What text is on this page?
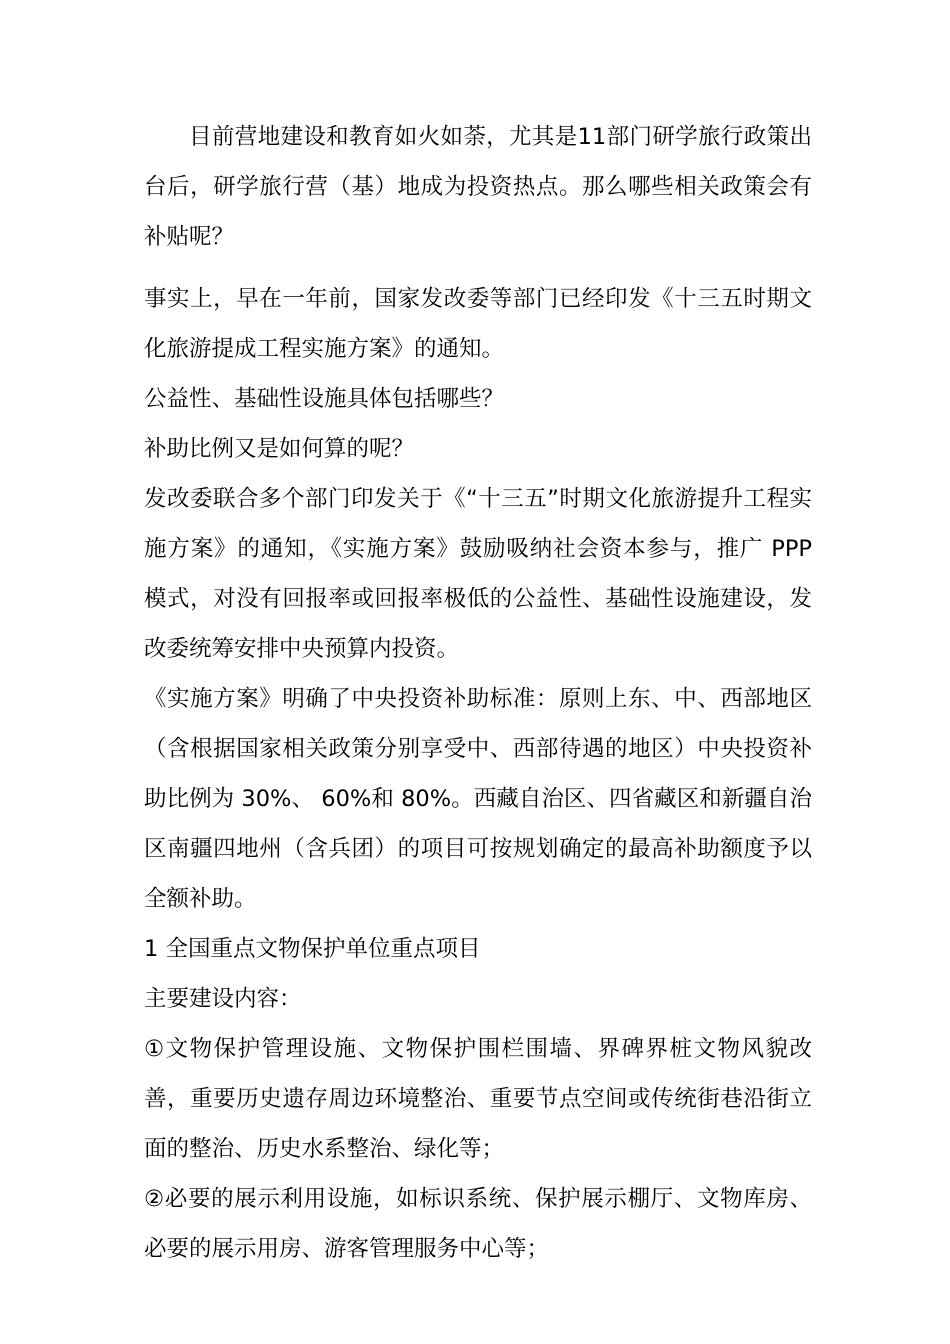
目前营地建设和教育如火如荼，尤其是11部门研学旅行政策出台后，研学旅行营（基）地成为投资热点。那么哪些相关政策会有补贴呢？

事实上，早在一年前，国家发改委等部门已经印发《十三五时期文化旅游提成工程实施方案》的通知。

公益性、基础性设施具体包括哪些？

补助比例又是如何算的呢？

发改委联合多个部门印发关于《“十三五”时期文化旅游提升工程实施方案》的通知，《实施方案》鼓励吸纳社会资本参与，推广 PPP 模式，对没有回报率或回报率极低的公益性、基础性设施建设，发改委统筹安排中央预算内投资。

《实施方案》明确了中央投资补助标准：原则上东、中、西部地区（含根据国家相关政策分别享受中、西部待遇的地区）中央投资补助比例为 30%、 60%和 80%。西藏自治区、四省藏区和新疆自治区南疆四地州（含兵团）的项目可按规划确定的最高补助额度予以全额补助。

1 全国重点文物保护单位重点项目

主要建设内容：

①文物保护管理设施、文物保护围栏围墙、界碑界桩文物风貌改善，重要历史遗存周边环境整治、重要节点空间或传统街巷沿街立面的整治、历史水系整治、绿化等；

②必要的展示利用设施，如标识系统、保护展示棚厅、文物库房、必要的展示用房、游客管理服务中心等；
